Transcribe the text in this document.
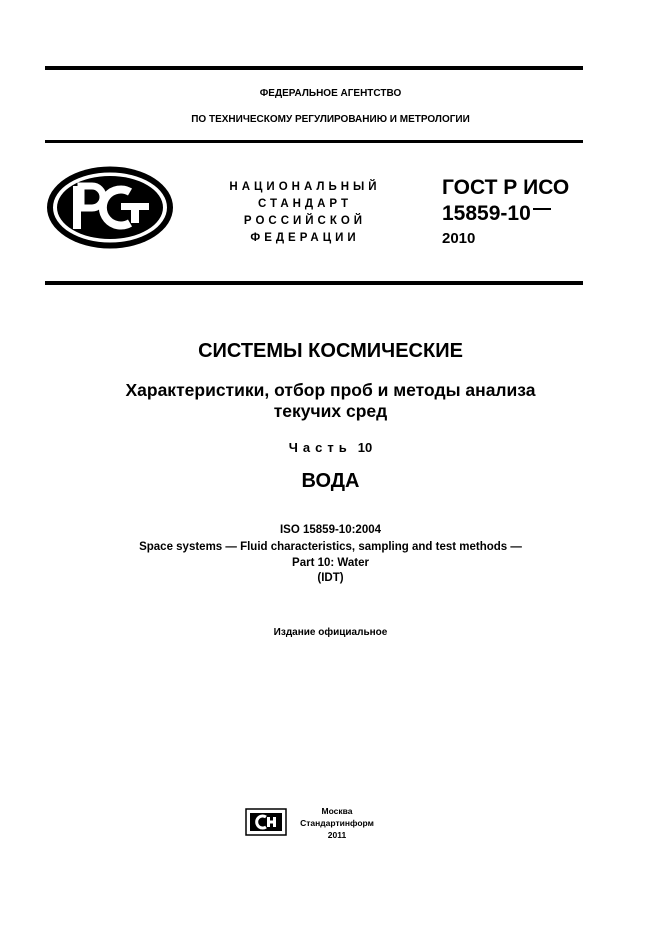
ФЕДЕРАЛЬНОЕ АГЕНТСТВО
ПО ТЕХНИЧЕСКОМУ РЕГУЛИРОВАНИЮ И МЕТРОЛОГИИ
НАЦИОНАЛЬНЫЙ
СТАНДАРТ
РОССИЙСКОЙ
ФЕДЕРАЦИИ
ГОСТ Р ИСО
15859-10
2010
СИСТЕМЫ КОСМИЧЕСКИЕ
Характеристики, отбор проб и методы анализа
текучих сред
Часть 10
ВОДА
ISO 15859-10:2004
Space systems — Fluid characteristics, sampling and test methods —
Part 10: Water
(IDT)
Издание официальное
Москва
Стандартинформ
2011
